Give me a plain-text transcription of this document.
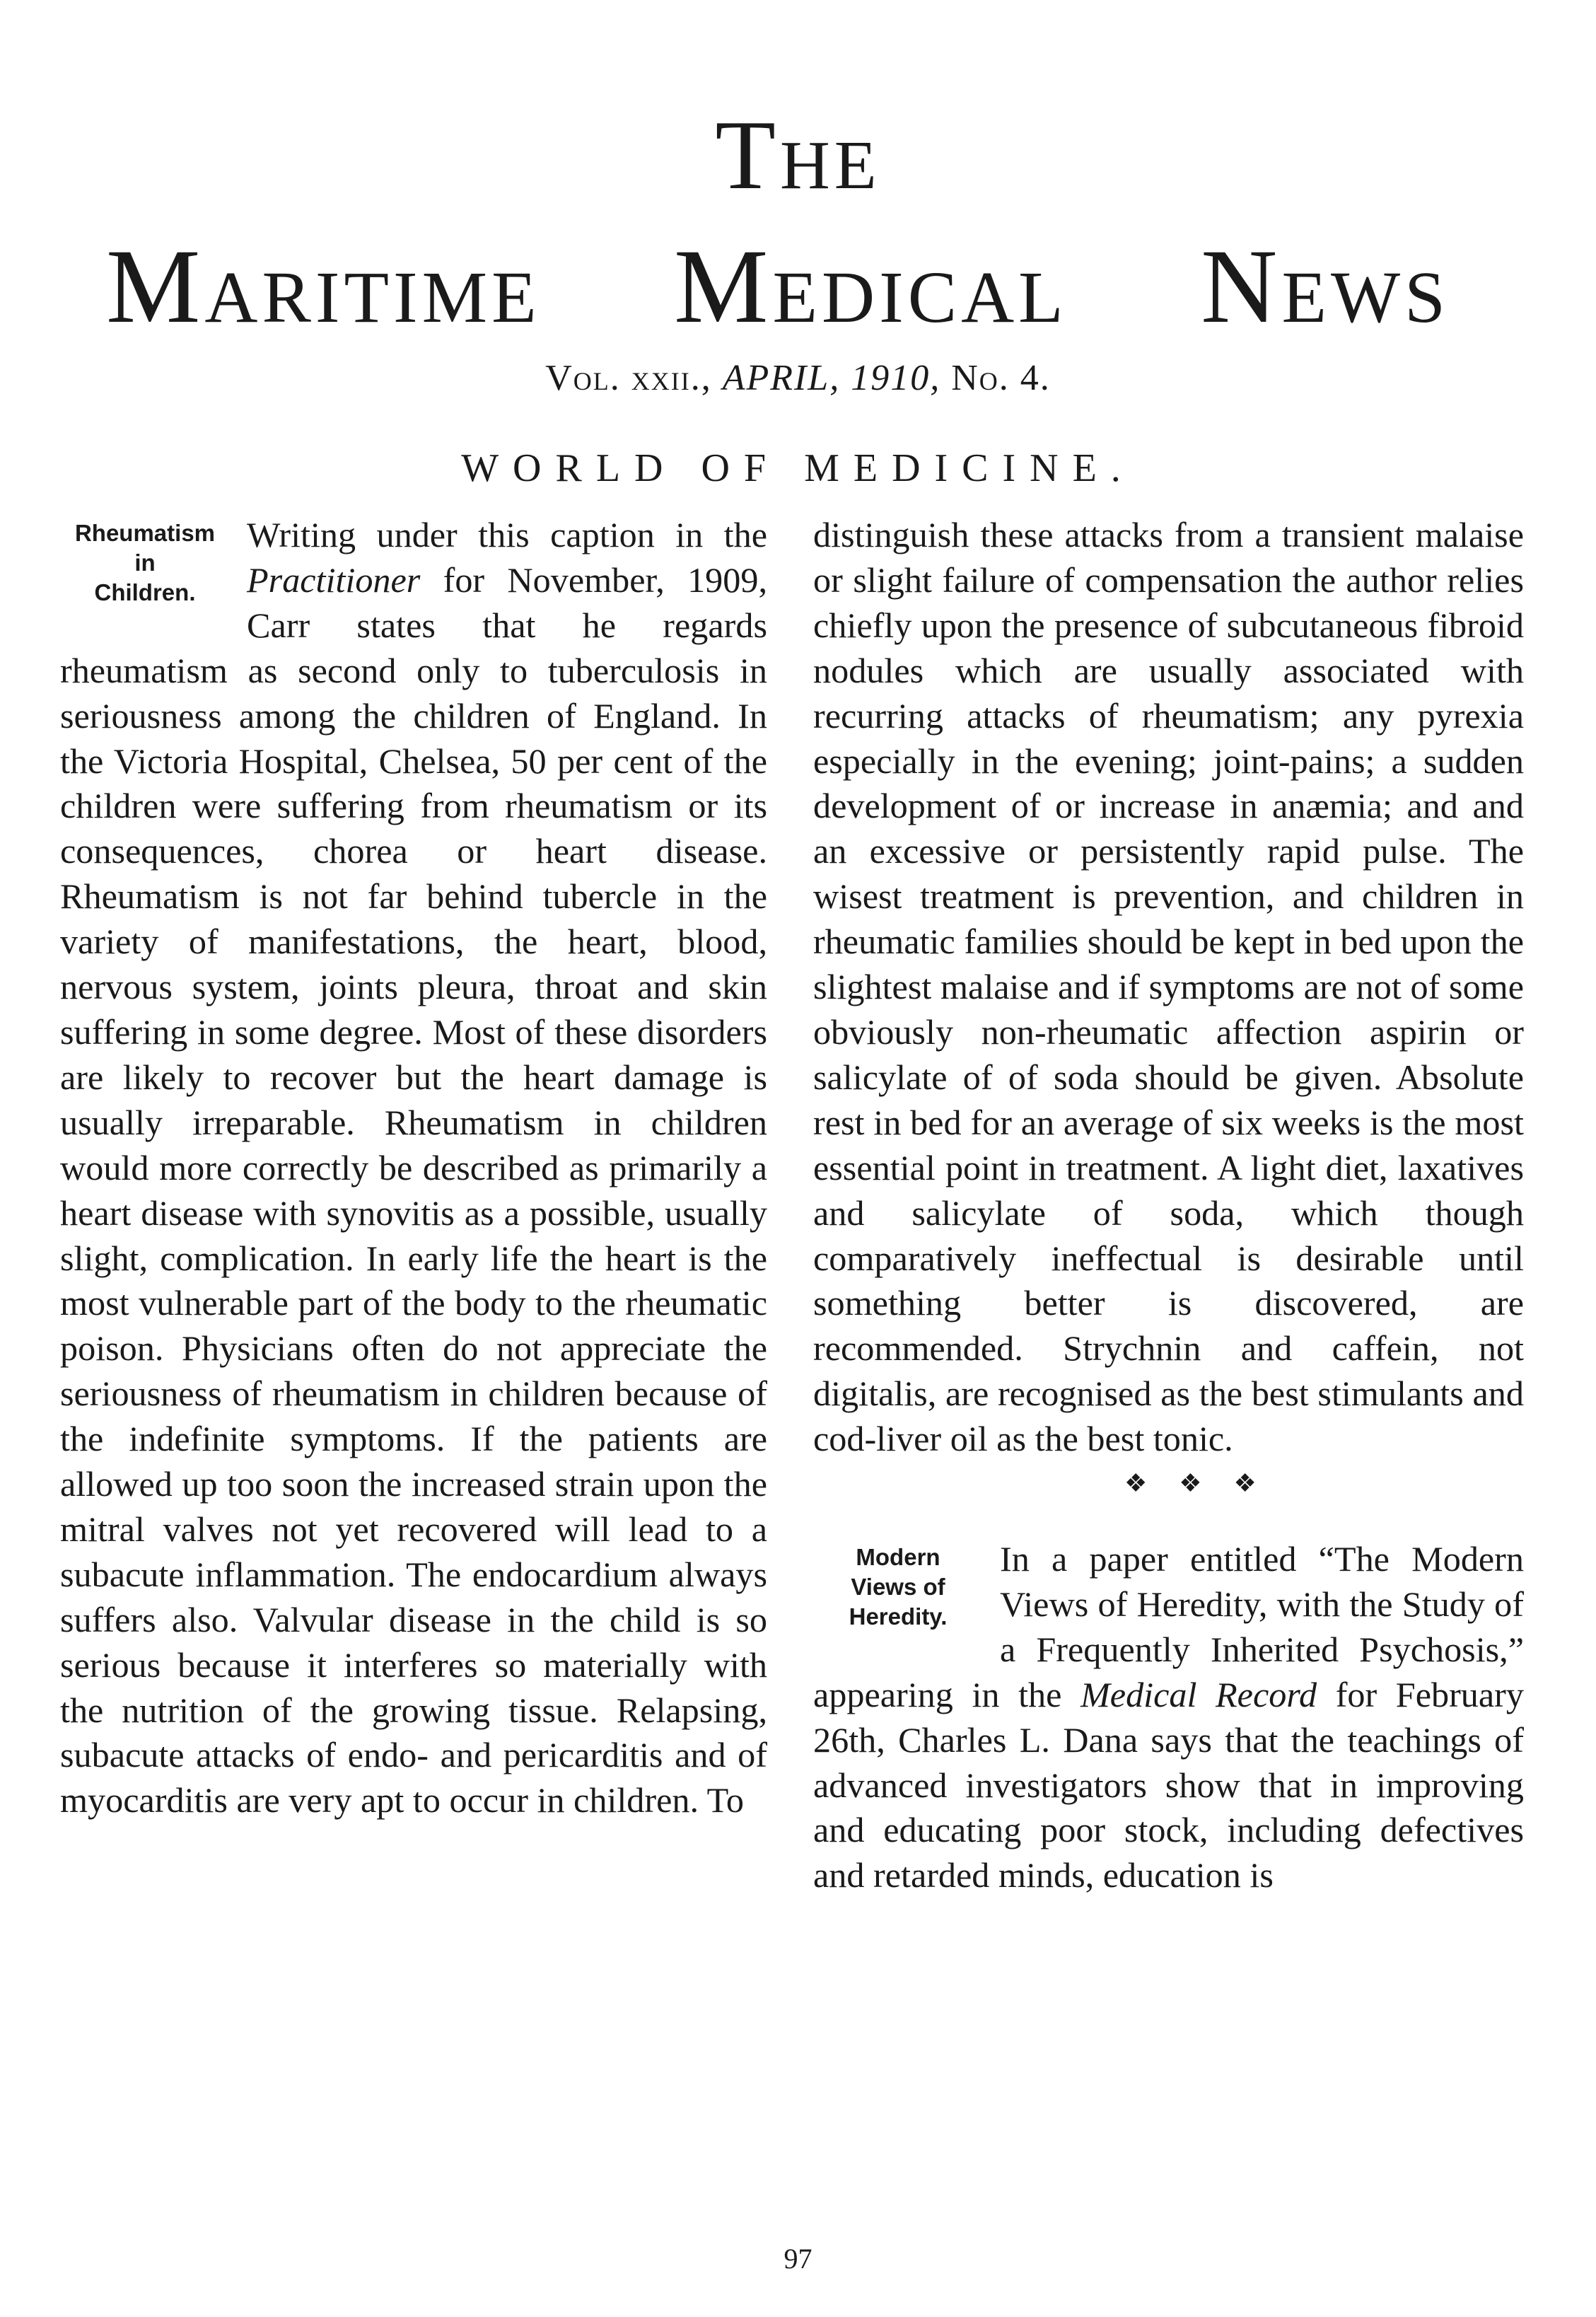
THE
MARITIME MEDICAL NEWS
Vol. xxii., APRIL, 1910, No. 4.
WORLD OF MEDICINE.
Rheumatism
in
Children.

Writing under this caption in the Practitioner for November, 1909, Carr states that he regards rheumatism as second only to tuberculosis in seriousness among the children of England. In the Victoria Hospital, Chelsea, 50 per cent of the children were suffering from rheumatism or its consequences, chorea or heart disease. Rheumatism is not far behind tubercle in the variety of manifestations, the heart, blood, nervous system, joints pleura, throat and skin suffering in some degree. Most of these disorders are likely to recover but the heart damage is usually irreparable. Rheumatism in children would more correctly be described as primarily a heart disease with synovitis as a possible, usually slight, complication. In early life the heart is the most vulnerable part of the body to the rheumatic poison. Physicians often do not appreciate the seriousness of rheumatism in children because of the indefinite symptoms. If the patients are allowed up too soon the increased strain upon the mitral valves not yet recovered will lead to a subacute inflammation. The endocardium always suffers also. Valvular disease in the child is so serious because it interferes so materially with the nutrition of the growing tissue. Relapsing, subacute attacks of endo- and pericarditis and of myocarditis are very apt to occur in children. To

distinguish these attacks from a transient malaise or slight failure of compensation the author relies chiefly upon the presence of subcutaneous fibroid nodules which are usually associated with recurring attacks of rheumatism; any pyrexia especially in the evening; joint-pains; a sudden development of or increase in anæmia; and and an excessive or persistently rapid pulse. The wisest treatment is prevention, and children in rheumatic families should be kept in bed upon the slightest malaise and if symptoms are not of some obviously non-rheumatic affection aspirin or salicylate of of soda should be given. Absolute rest in bed for an average of six weeks is the most essential point in treatment. A light diet, laxatives and salicylate of soda, which though comparatively ineffectual is desirable until something better is discovered, are recommended. Strychnin and caffein, not digitalis, are recognised as the best stimulants and cod-liver oil as the best tonic.

❖ ❖ ❖
Modern
Views of
Heredity.

In a paper entitled “The Modern Views of Heredity, with the Study of a Frequently Inherited Psychosis,” appearing in the Medical Record for February 26th, Charles L. Dana says that the teachings of advanced investigators show that in improving and educating poor stock, including defectives and retarded minds, education is

97
